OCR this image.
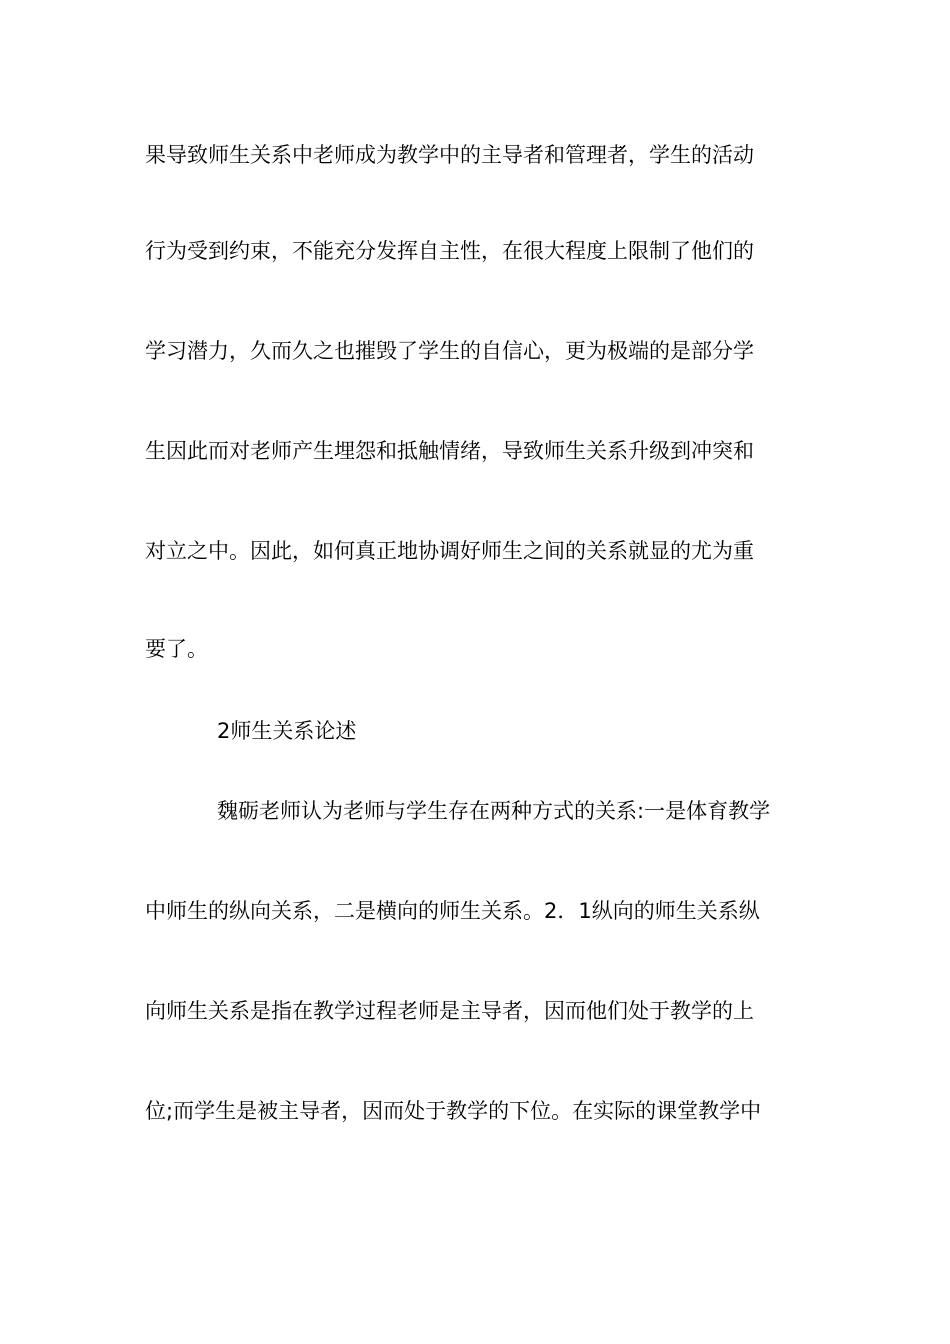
果导致师生关系中老师成为教学中的主导者和管理者，学生的活动
行为受到约束，不能充分发挥自主性，在很大程度上限制了他们的
学习潜力，久而久之也摧毁了学生的自信心，更为极端的是部分学
生因此而对老师产生埋怨和抵触情绪，导致师生关系升级到冲突和
对立之中。因此，如何真正地协调好师生之间的关系就显的尤为重
要了。
2师生关系论述
魏砺老师认为老师与学生存在两种方式的关系:一是体育教学
中师生的纵向关系，二是横向的师生关系。2．1纵向的师生关系纵
向师生关系是指在教学过程老师是主导者，因而他们处于教学的上
位;而学生是被主导者，因而处于教学的下位。在实际的课堂教学中
